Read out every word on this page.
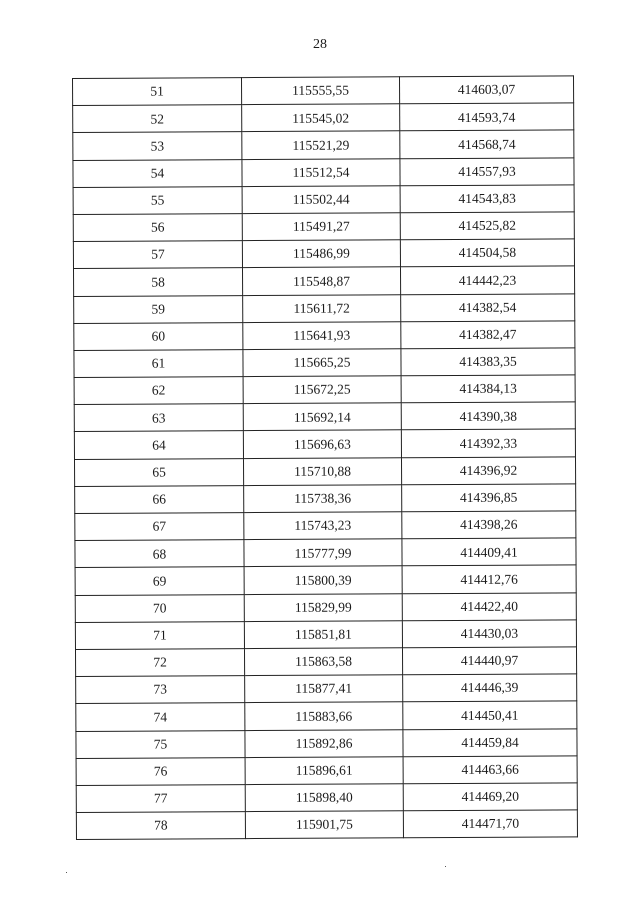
28
51	115555,55	414603,07
52	115545,02	414593,74
53	115521,29	414568,74
54	115512,54	414557,93
55	115502,44	414543,83
56	115491,27	414525,82
57	115486,99	414504,58
58	115548,87	414442,23
59	115611,72	414382,54
60	115641,93	414382,47
61	115665,25	414383,35
62	115672,25	414384,13
63	115692,14	414390,38
64	115696,63	414392,33
65	115710,88	414396,92
66	115738,36	414396,85
67	115743,23	414398,26
68	115777,99	414409,41
69	115800,39	414412,76
70	115829,99	414422,40
71	115851,81	414430,03
72	115863,58	414440,97
73	115877,41	414446,39
74	115883,66	414450,41
75	115892,86	414459,84
76	115896,61	414463,66
77	115898,40	414469,20
78	115901,75	414471,70
